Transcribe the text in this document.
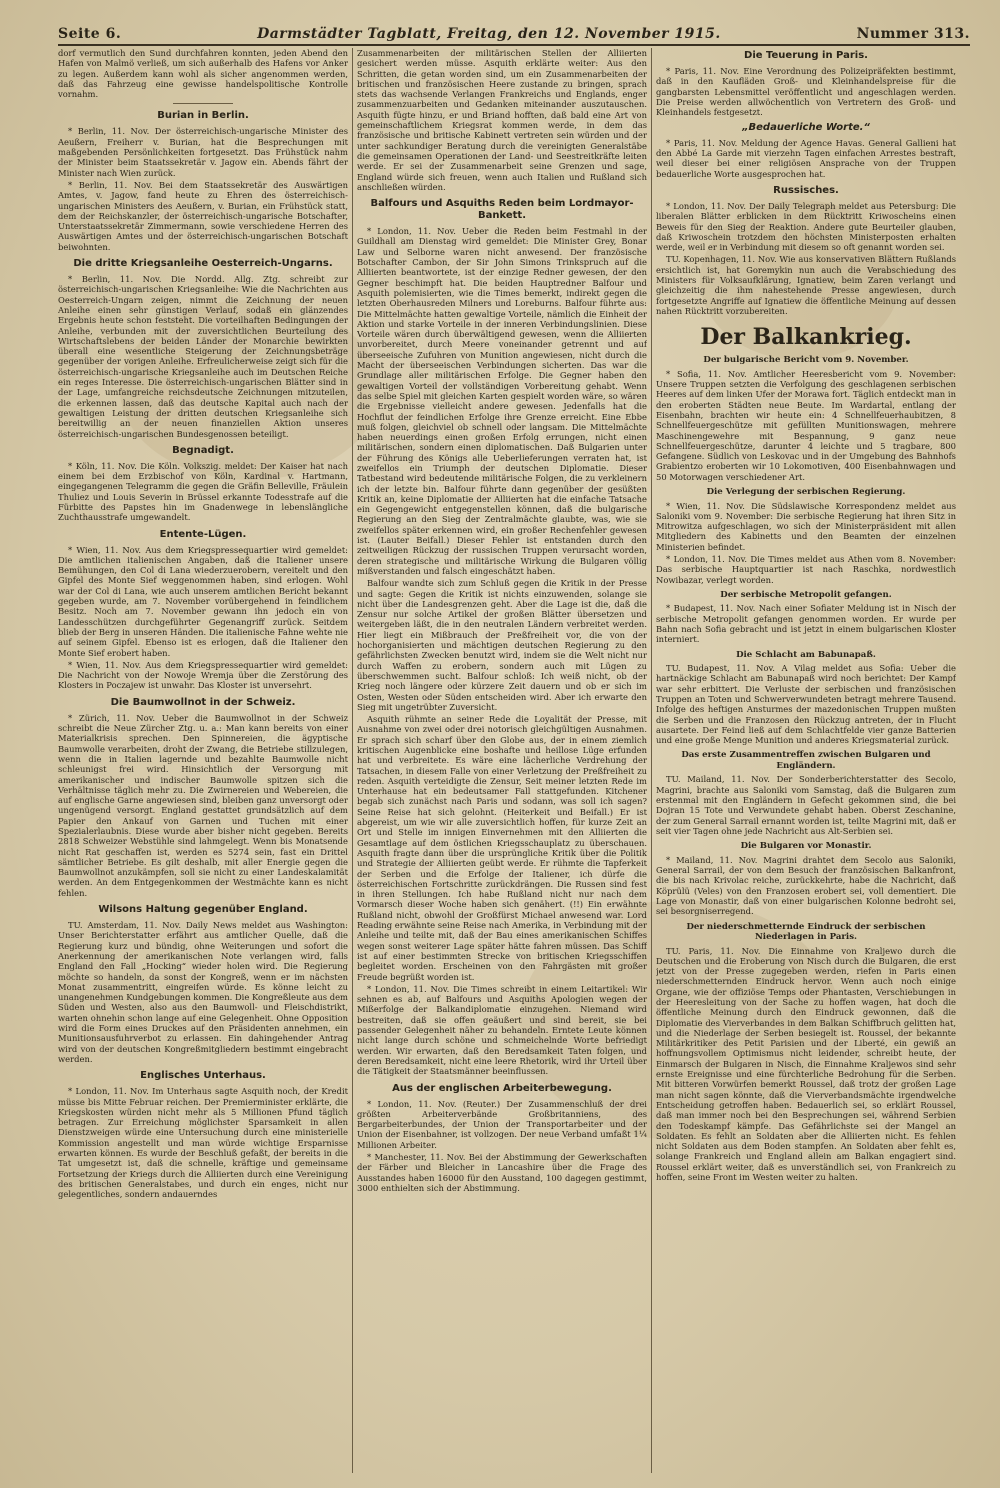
Seite 6.	Darmstädter Tagblatt, Freitag, den 12. November 1915.	Nummer 313.

dorf vermutlich den Sund durchfahren konnten, jeden Abend den Hafen von Malmö verließ, um sich außerhalb des Hafens vor Anker zu legen. Außerdem kann wohl als sicher angenommen werden, daß das Fahrzeug eine gewisse handelspolitische Kontrolle vornahm.

Burian in Berlin.

* Berlin, 11. Nov. Der österreichisch-ungarische Minister des Aeußern, Freiherr v. Burian, hat die Besprechungen mit maßgebenden Persönlichkeiten fortgesetzt. Das Frühstück nahm der Minister beim Staatssekretär v. Jagow ein. Abends fährt der Minister nach Wien zurück.

* Berlin, 11. Nov. Bei dem Staatssekretär des Auswärtigen Amtes, v. Jagow, fand heute zu Ehren des österreichisch-ungarischen Ministers des Aeußern, v. Burian, ein Frühstück statt, dem der Reichskanzler, der österreichisch-ungarische Botschafter, Unterstaatssekretär Zimmermann, sowie verschiedene Herren des Auswärtigen Amtes und der österreichisch-ungarischen Botschaft beiwohnten.

Die dritte Kriegsanleihe Oesterreich-Ungarns.

* Berlin, 11. Nov. Die Nordd. Allg. Ztg. schreibt zur österreichisch-ungarischen Kriegsanleihe: Wie die Nachrichten aus Oesterreich-Ungarn zeigen, nimmt die Zeichnung der neuen Anleihe einen sehr günstigen Verlauf, sodaß ein glänzendes Ergebnis heute schon feststeht. Die vorteilhaften Bedingungen der Anleihe, verbunden mit der zuversichtlichen Beurteilung des Wirtschaftslebens der beiden Länder der Monarchie bewirkten überall eine wesentliche Steigerung der Zeichnungsbeträge gegenüber der vorigen Anleihe. Erfreulicherweise zeigt sich für die österreichisch-ungarische Kriegsanleihe auch im Deutschen Reiche ein reges Interesse. Die österreichisch-ungarischen Blätter sind in der Lage, umfangreiche reichsdeutsche Zeichnungen mitzuteilen, die erkennen lassen, daß das deutsche Kapital auch nach der gewaltigen Leistung der dritten deutschen Kriegsanleihe sich bereitwillig an der neuen finanziellen Aktion unseres österreichisch-ungarischen Bundesgenossen beteiligt.

Begnadigt.

* Köln, 11. Nov. Die Köln. Volkszig. meldet: Der Kaiser hat nach einem bei dem Erzbischof von Köln, Kardinal v. Hartmann, eingegangenen Telegramm die gegen die Gräfin Belleville, Fräulein Thuliez und Louis Severin in Brüssel erkannte Todesstrafe auf die Fürbitte des Papstes hin im Gnadenwege in lebenslängliche Zuchthausstrafe umgewandelt.

Entente-Lügen.

* Wien, 11. Nov. Aus dem Kriegspressequartier wird gemeldet: Die amtlichen italienischen Angaben, daß die Italiener unsere Bemühungen, den Col di Lana wiederzuerobern, vereitelt und den Gipfel des Monte Sief weggenommen haben, sind erlogen. Wohl war der Col di Lana, wie auch unserem amtlichen Bericht bekannt gegeben wurde, am 7. November vorübergehend in feindlichem Besitz. Noch am 7. November gewann ihn jedoch ein von Landesschützen durchgeführter Gegenangriff zurück. Seitdem blieb der Berg in unseren Händen. Die italienische Fahne wehte nie auf seinem Gipfel. Ebenso ist es erlogen, daß die Italiener den Monte Sief erobert haben.

* Wien, 11. Nov. Aus dem Kriegspressequartier wird gemeldet: Die Nachricht von der Nowoje Wremja über die Zerstörung des Klosters in Poczajew ist unwahr. Das Kloster ist unversehrt.

Die Baumwollnot in der Schweiz.

* Zürich, 11. Nov. Ueber die Baumwollnot in der Schweiz schreibt die Neue Zürcher Ztg. u. a.: Man kann bereits von einer Materialkrisis sprechen. Den Spinnereien, die ägyptische Baumwolle verarbeiten, droht der Zwang, die Betriebe stillzulegen, wenn die in Italien lagernde und bezahlte Baumwolle nicht schleunigst frei wird. Hinsichtlich der Versorgung mit amerikanischer und indischer Baumwolle spitzen sich die Verhältnisse täglich mehr zu. Die Zwirnereien und Webereien, die auf englische Garne angewiesen sind, bleiben ganz unversorgt oder ungenügend versorgt. England gestattet grundsätzlich auf dem Papier den Ankauf von Garnen und Tuchen mit einer Spezialerlaubnis. Diese wurde aber bisher nicht gegeben. Bereits 2818 Schweizer Webstühle sind lahmgelegt. Wenn bis Monatsende nicht Rat geschaffen ist, werden es 5274 sein, fast ein Drittel sämtlicher Betriebe. Es gilt deshalb, mit aller Energie gegen die Baumwollnot anzukämpfen, soll sie nicht zu einer Landeskalamität werden. An dem Entgegenkommen der Westmächte kann es nicht fehlen.

Wilsons Haltung gegenüber England.

TU. Amsterdam, 11. Nov. Daily News meldet aus Washington: Unser Berichterstatter erfährt aus amtlicher Quelle, daß die Regierung kurz und bündig, ohne Weiterungen und sofort die Anerkennung der amerikanischen Note verlangen wird, falls England den Fall „Hocking“ wieder holen wird. Die Regierung möchte so handeln, da sonst der Kongreß, wenn er im nächsten Monat zusammentritt, eingreifen würde. Es könne leicht zu unangenehmen Kundgebungen kommen. Die Kongreßleute aus dem Süden und Westen, also aus den Baumwoll- und Fleischdistrikt, warten ohnehin schon lange auf eine Gelegenheit. Ohne Opposition wird die Form eines Druckes auf den Präsidenten annehmen, ein Munitionsausfuhrverbot zu erlassen. Ein dahingehender Antrag wird von der deutschen Kongreßmitgliedern bestimmt eingebracht werden.

Englisches Unterhaus.

* London, 11. Nov. Im Unterhaus sagte Asquith noch, der Kredit müsse bis Mitte Februar reichen. Der Premierminister erklärte, die Kriegskosten würden nicht mehr als 5 Millionen Pfund täglich betragen. Zur Erreichung möglichster Sparsamkeit in allen Dienstzweigen würde eine Untersuchung durch eine ministerielle Kommission angestellt und man würde wichtige Ersparnisse erwarten können. Es wurde der Beschluß gefaßt, der bereits in die Tat umgesetzt ist, daß die schnelle, kräftige und gemeinsame Fortsetzung der Kriegs durch die Alliierten durch eine Vereinigung des britischen Generalstabes, und durch ein enges, nicht nur gelegentliches, sondern andauerndes

Zusammenarbeiten der militärischen Stellen der Alliierten gesichert werden müsse. Asquith erklärte weiter: Aus den Schritten, die getan worden sind, um ein Zusammenarbeiten der britischen und französischen Heere zustande zu bringen, sprach stets das wachsende Verlangen Frankreichs und Englands, enger zusammenzuarbeiten und Gedanken miteinander auszutauschen. Asquith fügte hinzu, er und Briand hofften, daß bald eine Art von gemeinschaftlichem Kriegsrat kommen werde, in dem das französische und britische Kabinett vertreten sein würden und der unter sachkundiger Beratung durch die vereinigten Generalstäbe die gemeinsamen Operationen der Land- und Seestreitkräfte leiten werde. Er sei der Zusammenarbeit seine Grenzen und sage, England würde sich freuen, wenn auch Italien und Rußland sich anschließen würden.

Balfours und Asquiths Reden beim Lordmayor-Bankett.

* London, 11. Nov. Ueber die Reden beim Festmahl in der Guildhall am Dienstag wird gemeldet: Die Minister Grey, Bonar Law und Selborne waren nicht anwesend. Der französische Botschafter Cambon, der Sir John Simons Trinkspruch auf die Alliierten beantwortete, ist der einzige Redner gewesen, der den Gegner beschimpft hat. Die beiden Hauptredner Balfour und Asquith polemisierten, wie die Times bemerkt, indirekt gegen die letzten Oberhausreden Milners und Loreburns. Balfour führte aus: Die Mittelmächte hatten gewaltige Vorteile, nämlich die Einheit der Aktion und starke Vorteile in der inneren Verbindungslinien. Diese Vorteile wären durch überwältigend gewesen, wenn die Alliierten unvorbereitet, durch Meere voneinander getrennt und auf überseeische Zufuhren von Munition angewiesen, nicht durch die Macht der überseeischen Verbindungen sicherten. Das war die Grundlage aller militärischen Erfolge. Die Gegner haben den gewaltigen Vorteil der vollständigen Vorbereitung gehabt. Wenn das selbe Spiel mit gleichen Karten gespielt worden wäre, so wären die Ergebnisse vielleicht andere gewesen. Jedenfalls hat die Hochflut der feindlichen Erfolge ihre Grenze erreicht. Eine Ebbe muß folgen, gleichviel ob schnell oder langsam. Die Mittelmächte haben neuerdings einen großen Erfolg errungen, nicht einen militärischen, sondern einen diplomatischen. Daß Bulgarien unter der Führung des Königs alle Ueberlieferungen verraten hat, ist zweifellos ein Triumph der deutschen Diplomatie. Dieser Tatbestand wird bedeutende militärische Folgen, die zu verkleinern ich der letzte bin. Balfour führte dann gegenüber der gesüßten Kritik an, keine Diplomatie der Alliierten hat die einfache Tatsache ein Gegengewicht entgegenstellen können, daß die bulgarische Regierung an den Sieg der Zentralmächte glaubte, was, wie sie zweifellos später erkennen wird, ein großer Rechenfehler gewesen ist. (Lauter Beifall.) Dieser Fehler ist entstanden durch den zeitweiligen Rückzug der russischen Truppen verursacht worden, deren strategische und militärische Wirkung die Bulgaren völlig mißverstanden und falsch eingeschätzt haben.

Balfour wandte sich zum Schluß gegen die Kritik in der Presse und sagte: Gegen die Kritik ist nichts einzuwenden, solange sie nicht über die Landesgrenzen geht. Aber die Lage ist die, daß die Zensur nur solche Artikel der großen Blätter übersetzen und weitergeben läßt, die in den neutralen Ländern verbreitet werden. Hier liegt ein Mißbrauch der Preßfreiheit vor, die von der hochorganisierten und mächtigen deutschen Regierung zu den gefährlichsten Zwecken benutzt wird, indem sie die Welt nicht nur durch Waffen zu erobern, sondern auch mit Lügen zu überschwemmen sucht. Balfour schloß: Ich weiß nicht, ob der Krieg noch längere oder kürzere Zeit dauern und ob er sich im Osten, Westen oder Süden entscheiden wird. Aber ich erwarte den Sieg mit ungetrübter Zuversicht.

Asquith rühmte an seiner Rede die Loyalität der Presse, mit Ausnahme von zwei oder drei notorisch gleichgültigen Ausnahmen. Er sprach sich scharf über den Globe aus, der in einem ziemlich kritischen Augenblicke eine boshafte und heillose Lüge erfunden hat und verbreitete. Es wäre eine lächerliche Verdrehung der Tatsachen, in diesem Falle von einer Verletzung der Preßfreiheit zu reden. Asquith verteidigte die Zensur, Seit meiner letzten Rede im Unterhause hat ein bedeutsamer Fall stattgefunden. Kitchener begab sich zunächst nach Paris und sodann, was soll ich sagen? Seine Reise hat sich gelohnt. (Heiterkeit und Beifall.) Er ist abgereist, um wie wir alle zuversichtlich hoffen, für kurze Zeit an Ort und Stelle im innigen Einvernehmen mit den Alliierten die Gesamtlage auf dem östlichen Kriegsschauplatz zu überschauen. Asquith fragte dann über die ursprüngliche Kritik über die Politik und Strategie der Alliierten geübt werde. Er rühmte die Tapferkeit der Serben und die Erfolge der Italiener, ich dürfe die österreichischen Fortschritte zurückdrängen. Die Russen sind fest in ihren Stellungen. Ich habe Rußland nicht nur nach dem Vormarsch dieser Woche haben sich genähert. (!!) Ein erwähnte Rußland nicht, obwohl der Großfürst Michael anwesend war. Lord Reading erwähnte seine Reise nach Amerika, in Verbindung mit der Anleihe und teilte mit, daß der Bau eines amerikanischen Schiffes wegen sonst weiterer Lage später hätte fahren müssen. Das Schiff ist auf einer bestimmten Strecke von britischen Kriegsschiffen begleitet worden. Erscheinen von den Fahrgästen mit großer Freude begrüßt worden ist.

* London, 11. Nov. Die Times schreibt in einem Leitartikel: Wir sehnen es ab, auf Balfours und Asquiths Apologien wegen der Mißerfolge der Balkandiplomatie einzugehen. Niemand wird bestreiten, daß sie offen geäußert und sind bereit, sie bei passender Gelegenheit näher zu behandeln. Erntete Leute können nicht lange durch schöne und schmeichelnde Worte befriedigt werden. Wir erwarten, daß den Beredsamkeit Taten folgen, und deren Beredsamkeit, nicht eine leere Rhetorik, wird ihr Urteil über die Tätigkeit der Staatsmänner beeinflussen.

Aus der englischen Arbeiterbewegung.

* London, 11. Nov. (Reuter.) Der Zusammenschluß der drei größten Arbeiterverbände Großbritanniens, des Bergarbeiterbundes, der Union der Transportarbeiter und der Union der Eisenbahner, ist vollzogen. Der neue Verband umfaßt 1¼ Millionen Arbeiter.

* Manchester, 11. Nov. Bei der Abstimmung der Gewerkschaften der Färber und Bleicher in Lancashire über die Frage des Ausstandes haben 16000 für den Ausstand, 100 dagegen gestimmt, 3000 enthielten sich der Abstimmung.

Die Teuerung in Paris.

* Paris, 11. Nov. Eine Verordnung des Polizeipräfekten bestimmt, daß in den Kaufläden Groß- und Kleinhandelspreise für die gangbarsten Lebensmittel veröffentlicht und angeschlagen werden. Die Preise werden allwöchentlich von Vertretern des Groß- und Kleinhandels festgesetzt.

„Bedauerliche Worte.“

* Paris, 11. Nov. Meldung der Agence Havas. General Gallieni hat den Abbé La Garde mit vierzehn Tagen einfachen Arrestes bestraft, weil dieser bei einer religiösen Ansprache von der Truppen bedauerliche Worte ausgesprochen hat.

Russisches.

* London, 11. Nov. Der Daily Telegraph meldet aus Petersburg: Die liberalen Blätter erblicken in dem Rücktritt Kriwoscheins einen Beweis für den Sieg der Reaktion. Andere gute Beurteiler glauben, daß Kriwoschein trotzdem den höchsten Ministerposten erhalten werde, weil er in Verbindung mit diesem so oft genannt worden sei.

TU. Kopenhagen, 11. Nov. Wie aus konservativen Blättern Rußlands ersichtlich ist, hat Goremykin nun auch die Verabschiedung des Ministers für Volksaufklärung, Ignatiew, beim Zaren verlangt und gleichzeitig die ihm nahestehende Presse angewiesen, durch fortgesetzte Angriffe auf Ignatiew die öffentliche Meinung auf dessen nahen Rücktritt vorzubereiten.

Der Balkankrieg.
Der bulgarische Bericht vom 9. November.

* Sofia, 11. Nov. Amtlicher Heeresbericht vom 9. November: Unsere Truppen setzten die Verfolgung des geschlagenen serbischen Heeres auf dem linken Ufer der Morawa fort. Täglich entdeckt man in den eroberten Städten neue Beute. Im Wardartal, entlang der Eisenbahn, brachten wir heute ein: 4 Schnellfeuerhaubitzen, 8 Schnellfeuergeschütze mit gefüllten Munitionswagen, mehrere Maschinengewehre mit Bespannung, 9 ganz neue Schnellfeuergeschütze, darunter 4 leichte und 5 tragbare, 800 Gefangene. Südlich von Leskovac und in der Umgebung des Bahnhofs Grabientzo eroberten wir 10 Lokomotiven, 400 Eisenbahnwagen und 50 Motorwagen verschiedener Art.

Die Verlegung der serbischen Regierung.

* Wien, 11. Nov. Die Südslawische Korrespondenz meldet aus Saloniki vom 9. November: Die serbische Regierung hat ihren Sitz in Mitrowitza aufgeschlagen, wo sich der Ministerpräsident mit allen Mitgliedern des Kabinetts und den Beamten der einzelnen Ministerien befindet.

* London, 11. Nov. Die Times meldet aus Athen vom 8. November: Das serbische Hauptquartier ist nach Raschka, nordwestlich Nowibazar, verlegt worden.

Der serbische Metropolit gefangen.

* Budapest, 11. Nov. Nach einer Sofiater Meldung ist in Nisch der serbische Metropolit gefangen genommen worden. Er wurde per Bahn nach Sofia gebracht und ist jetzt in einem bulgarischen Kloster interniert.

Die Schlacht am Babunapaß.

TU. Budapest, 11. Nov. A Vilag meldet aus Sofia: Ueber die hartnäckige Schlacht am Babunapaß wird noch berichtet: Der Kampf war sehr erbittert. Die Verluste der serbischen und französischen Truppen an Toten und Schwerverwundeten betragt mehrere Tausend. Infolge des heftigen Ansturmes der mazedonischen Truppen mußten die Serben und die Franzosen den Rückzug antreten, der in Flucht ausartete. Der Feind ließ auf dem Schlachtfelde vier ganze Batterien und eine große Menge Munition und anderes Kriegsmaterial zurück.

Das erste Zusammentreffen zwischen Bulgaren und Engländern.

TU. Mailand, 11. Nov. Der Sonderberichterstatter des Secolo, Magrini, brachte aus Saloniki vom Samstag, daß die Bulgaren zum erstenmal mit den Engländern in Gefecht gekommen sind, die bei Dojran 15 Tote und Verwundete gehabt haben. Oberst Zeschanine, der zum General Sarrail ernannt worden ist, teilte Magrini mit, daß er seit vier Tagen ohne jede Nachricht aus Alt-Serbien sei.

Die Bulgaren vor Monastir.

* Mailand, 11. Nov. Magrini drahtet dem Secolo aus Saloniki, General Sarrail, der von dem Besuch der französischen Balkanfront, die bis nach Krivolac reiche, zurückkehrte, habe die Nachricht, daß Köprülü (Veles) von den Franzosen erobert sei, voll dementiert. Die Lage von Monastir, daß von einer bulgarischen Kolonne bedroht sei, sei besorgniserregend.

Der niederschmetternde Eindruck der serbischen Niederlagen in Paris.

TU. Paris, 11. Nov. Die Einnahme von Kraljewo durch die Deutschen und die Eroberung von Nisch durch die Bulgaren, die erst jetzt von der Presse zugegeben werden, riefen in Paris einen niederschmetternden Eindruck hervor. Wenn auch noch einige Organe, wie der offiziöse Temps oder Phantasten, Verschiebungen in der Heeresleitung von der Sache zu hoffen wagen, hat doch die öffentliche Meinung durch den Eindruck gewonnen, daß die Diplomatie des Vierverbandes in dem Balkan Schiffbruch gelitten hat, und die Niederlage der Serben besiegelt ist. Roussel, der bekannte Militärkritiker des Petit Parisien und der Liberté, ein gewiß an hoffnungsvollem Optimismus nicht leidender, schreibt heute, der Einmarsch der Bulgaren in Nisch, die Einnahme Kraljewos sind sehr ernste Ereignisse und eine fürchterliche Bedrohung für die Serben. Mit bitteren Vorwürfen bemerkt Roussel, daß trotz der großen Lage man nicht sagen könnte, daß die Vierverbandsmächte irgendwelche Entscheidung getroffen haben. Bedauerlich sei, so erklärt Roussel, daß man immer noch bei den Besprechungen sei, während Serbien den Todeskampf kämpfe. Das Gefährlichste sei der Mangel an Soldaten. Es fehlt an Soldaten aber die Alliierten nicht. Es fehlen nicht Soldaten aus dem Boden stampfen. An Soldaten aber fehlt es, solange Frankreich und England allein am Balkan engagiert sind. Roussel erklärt weiter, daß es unverständlich sei, von Frankreich zu hoffen, seine Front im Westen weiter zu halten.
